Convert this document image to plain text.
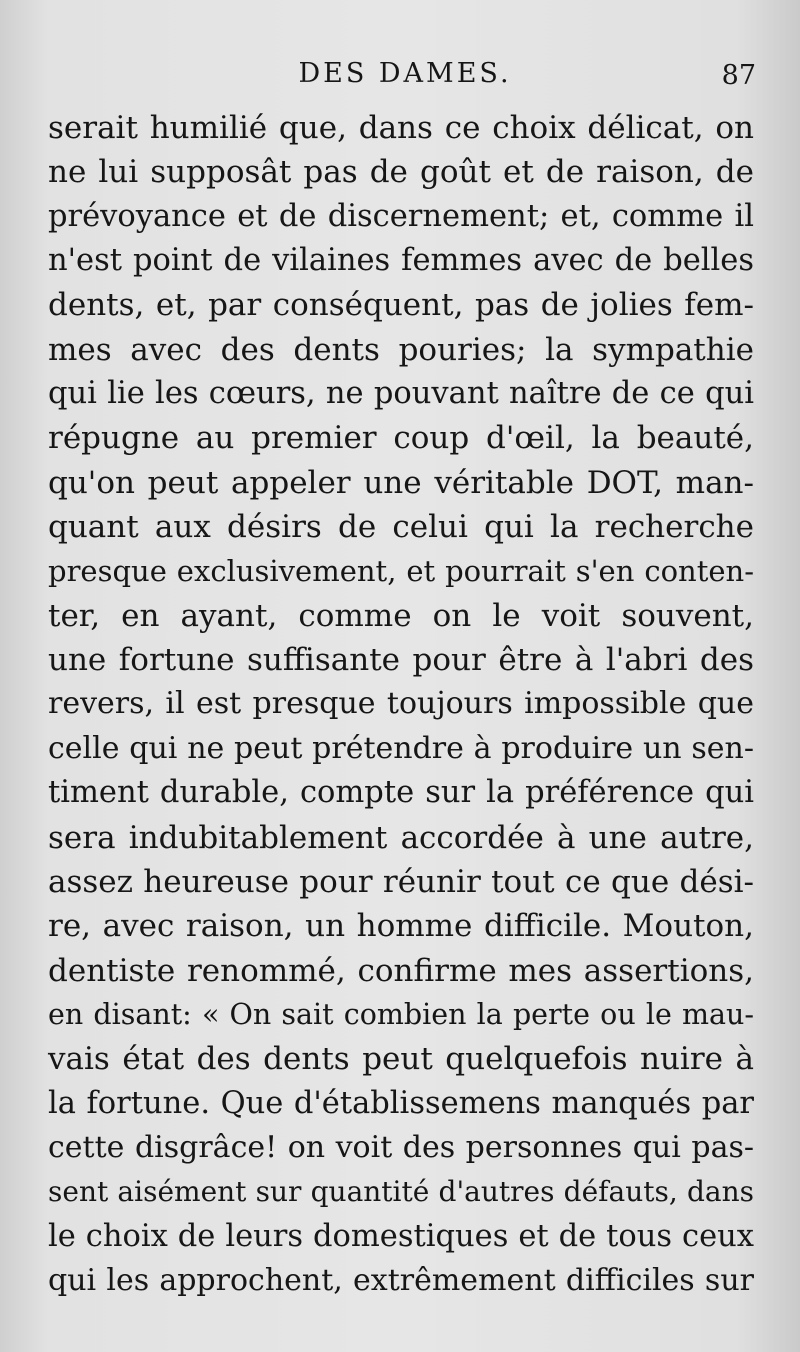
DES DAMES.	87
serait humilié que, dans ce choix délicat, on
ne lui supposât pas de goût et de raison, de
prévoyance et de discernement; et, comme il
n'est point de vilaines femmes avec de belles
dents, et, par conséquent, pas de jolies fem-
mes avec des dents pouries; la sympathie
qui lie les cœurs, ne pouvant naître de ce qui
répugne au premier coup d'œil, la beauté,
qu'on peut appeler une véritable DOT, man-
quant aux désirs de celui qui la recherche
presque exclusivement, et pourrait s'en conten-
ter, en ayant, comme on le voit souvent,
une fortune suffisante pour être à l'abri des
revers, il est presque toujours impossible que
celle qui ne peut prétendre à produire un sen-
timent durable, compte sur la préférence qui
sera indubitablement accordée à une autre,
assez heureuse pour réunir tout ce que dési-
re, avec raison, un homme difficile. Mouton,
dentiste renommé, confirme mes assertions,
en disant: « On sait combien la perte ou le mau-
vais état des dents peut quelquefois nuire à
la fortune. Que d'établissemens manqués par
cette disgrâce! on voit des personnes qui pas-
sent aisément sur quantité d'autres défauts, dans
le choix de leurs domestiques et de tous ceux
qui les approchent, extrêmement difficiles sur
